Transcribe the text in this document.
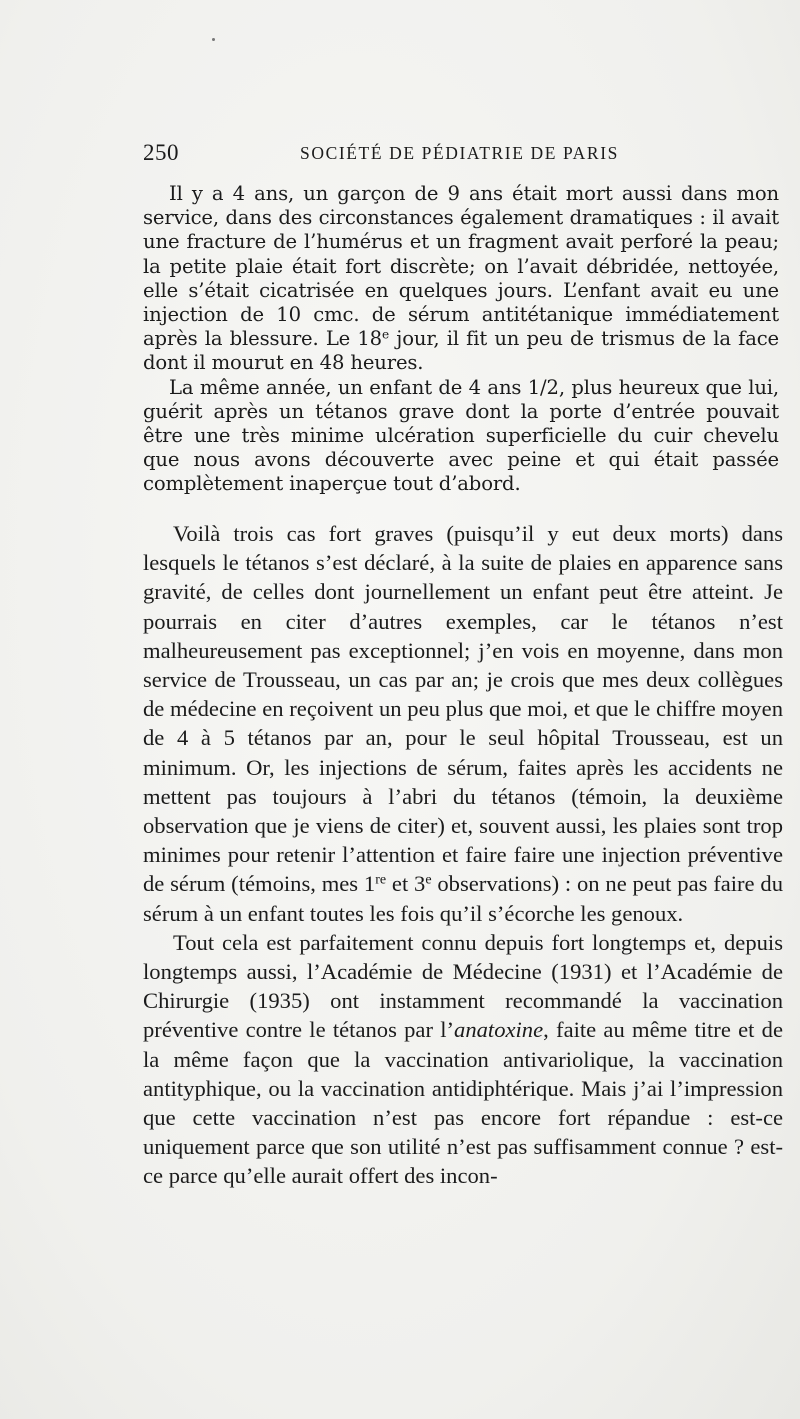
250	SOCIÉTÉ DE PÉDIATRIE DE PARIS

Il y a 4 ans, un garçon de 9 ans était mort aussi dans mon service, dans des circonstances également dramatiques : il avait une fracture de l’humérus et un fragment avait perforé la peau; la petite plaie était fort discrète; on l’avait débridée, nettoyée, elle s’était cicatrisée en quelques jours. L’enfant avait eu une injection de 10 cmc. de sérum antitétanique immédiatement après la blessure. Le 18e jour, il fit un peu de trismus de la face dont il mourut en 48 heures.

La même année, un enfant de 4 ans 1/2, plus heureux que lui, guérit après un tétanos grave dont la porte d’entrée pouvait être une très minime ulcération superficielle du cuir chevelu que nous avons découverte avec peine et qui était passée complètement inaperçue tout d’abord.

Voilà trois cas fort graves (puisqu’il y eut deux morts) dans lesquels le tétanos s’est déclaré, à la suite de plaies en apparence sans gravité, de celles dont journellement un enfant peut être atteint. Je pourrais en citer d’autres exemples, car le tétanos n’est malheureusement pas exceptionnel; j’en vois en moyenne, dans mon service de Trousseau, un cas par an; je crois que mes deux collègues de médecine en reçoivent un peu plus que moi, et que le chiffre moyen de 4 à 5 tétanos par an, pour le seul hôpital Trousseau, est un minimum. Or, les injections de sérum, faites après les accidents ne mettent pas toujours à l’abri du tétanos (témoin, la deuxième observation que je viens de citer) et, souvent aussi, les plaies sont trop minimes pour retenir l’attention et faire faire une injection préventive de sérum (témoins, mes 1re et 3e observations) : on ne peut pas faire du sérum à un enfant toutes les fois qu’il s’écorche les genoux.

Tout cela est parfaitement connu depuis fort longtemps et, depuis longtemps aussi, l’Académie de Médecine (1931) et l’Académie de Chirurgie (1935) ont instamment recommandé la vaccination préventive contre le tétanos par l’anatoxine, faite au même titre et de la même façon que la vaccination antivariolique, la vaccination antityphique, ou la vaccination antidiphtérique. Mais j’ai l’impression que cette vaccination n’est pas encore fort répandue : est-ce uniquement parce que son utilité n’est pas suffisamment connue ? est-ce parce qu’elle aurait offert des incon-
